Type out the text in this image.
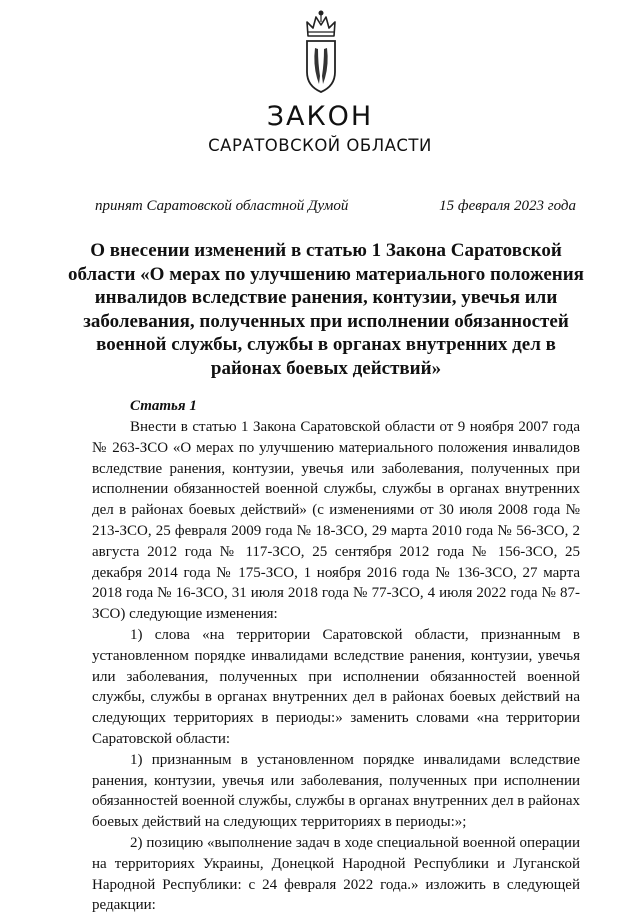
ЗАКОН
САРАТОВСКОЙ ОБЛАСТИ
принят Саратовской областной Думой	15 февраля 2023 года
О внесении изменений в статью 1 Закона Саратовской области «О мерах по улучшению материального положения инвалидов вследствие ранения, контузии, увечья или заболевания, полученных при исполнении обязанностей военной службы, службы в органах внутренних дел в районах боевых действий»

Статья 1

Внести в статью 1 Закона Саратовской области от 9 ноября 2007 года № 263-ЗСО «О мерах по улучшению материального положения инвалидов вследствие ранения, контузии, увечья или заболевания, полученных при исполнении обязанностей военной службы, службы в органах внутренних дел в районах боевых действий» (с изменениями от 30 июля 2008 года № 213-ЗСО, 25 февраля 2009 года № 18-ЗСО, 29 марта 2010 года № 56-ЗСО, 2 августа 2012 года № 117-ЗСО, 25 сентября 2012 года № 156-ЗСО, 25 декабря 2014 года № 175-ЗСО, 1 ноября 2016 года № 136-ЗСО, 27 марта 2018 года № 16-ЗСО, 31 июля 2018 года № 77-ЗСО, 4 июля 2022 года № 87-ЗСО) следующие изменения:

1) слова «на территории Саратовской области, признанным в установленном порядке инвалидами вследствие ранения, контузии, увечья или заболевания, полученных при исполнении обязанностей военной службы, службы в органах внутренних дел в районах боевых действий на следующих территориях в периоды:» заменить словами «на территории Саратовской области:

1) признанным в установленном порядке инвалидами вследствие ранения, контузии, увечья или заболевания, полученных при исполнении обязанностей военной службы, службы в органах внутренних дел в районах боевых действий на следующих территориях в периоды:»;

2) позицию «выполнение задач в ходе специальной военной операции на территориях Украины, Донецкой Народной Республики и Луганской Народной Республики: с 24 февраля 2022 года.» изложить в следующей редакции:
